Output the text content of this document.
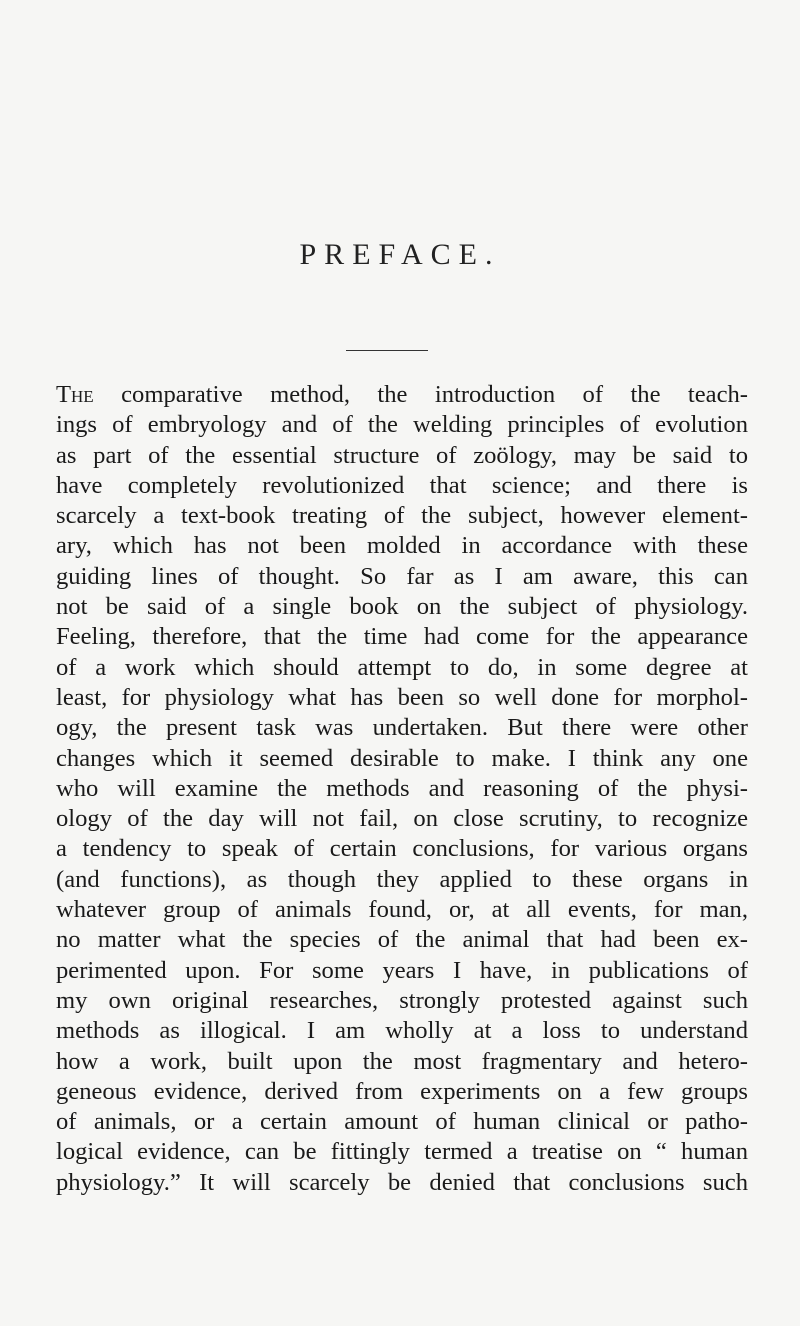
PREFACE.
The comparative method, the introduction of the teach-
ings of embryology and of the welding principles of evolution
as part of the essential structure of zoölogy, may be said to
have completely revolutionized that science; and there is
scarcely a text-book treating of the subject, however element-
ary, which has not been molded in accordance with these
guiding lines of thought. So far as I am aware, this can
not be said of a single book on the subject of physiology.
Feeling, therefore, that the time had come for the appearance
of a work which should attempt to do, in some degree at
least, for physiology what has been so well done for morphol-
ogy, the present task was undertaken. But there were other
changes which it seemed desirable to make. I think any one
who will examine the methods and reasoning of the physi-
ology of the day will not fail, on close scrutiny, to recognize
a tendency to speak of certain conclusions, for various organs
(and functions), as though they applied to these organs in
whatever group of animals found, or, at all events, for man,
no matter what the species of the animal that had been ex-
perimented upon. For some years I have, in publications of
my own original researches, strongly protested against such
methods as illogical. I am wholly at a loss to understand
how a work, built upon the most fragmentary and hetero-
geneous evidence, derived from experiments on a few groups
of animals, or a certain amount of human clinical or patho-
logical evidence, can be fittingly termed a treatise on “ human
physiology.” It will scarcely be denied that conclusions such
